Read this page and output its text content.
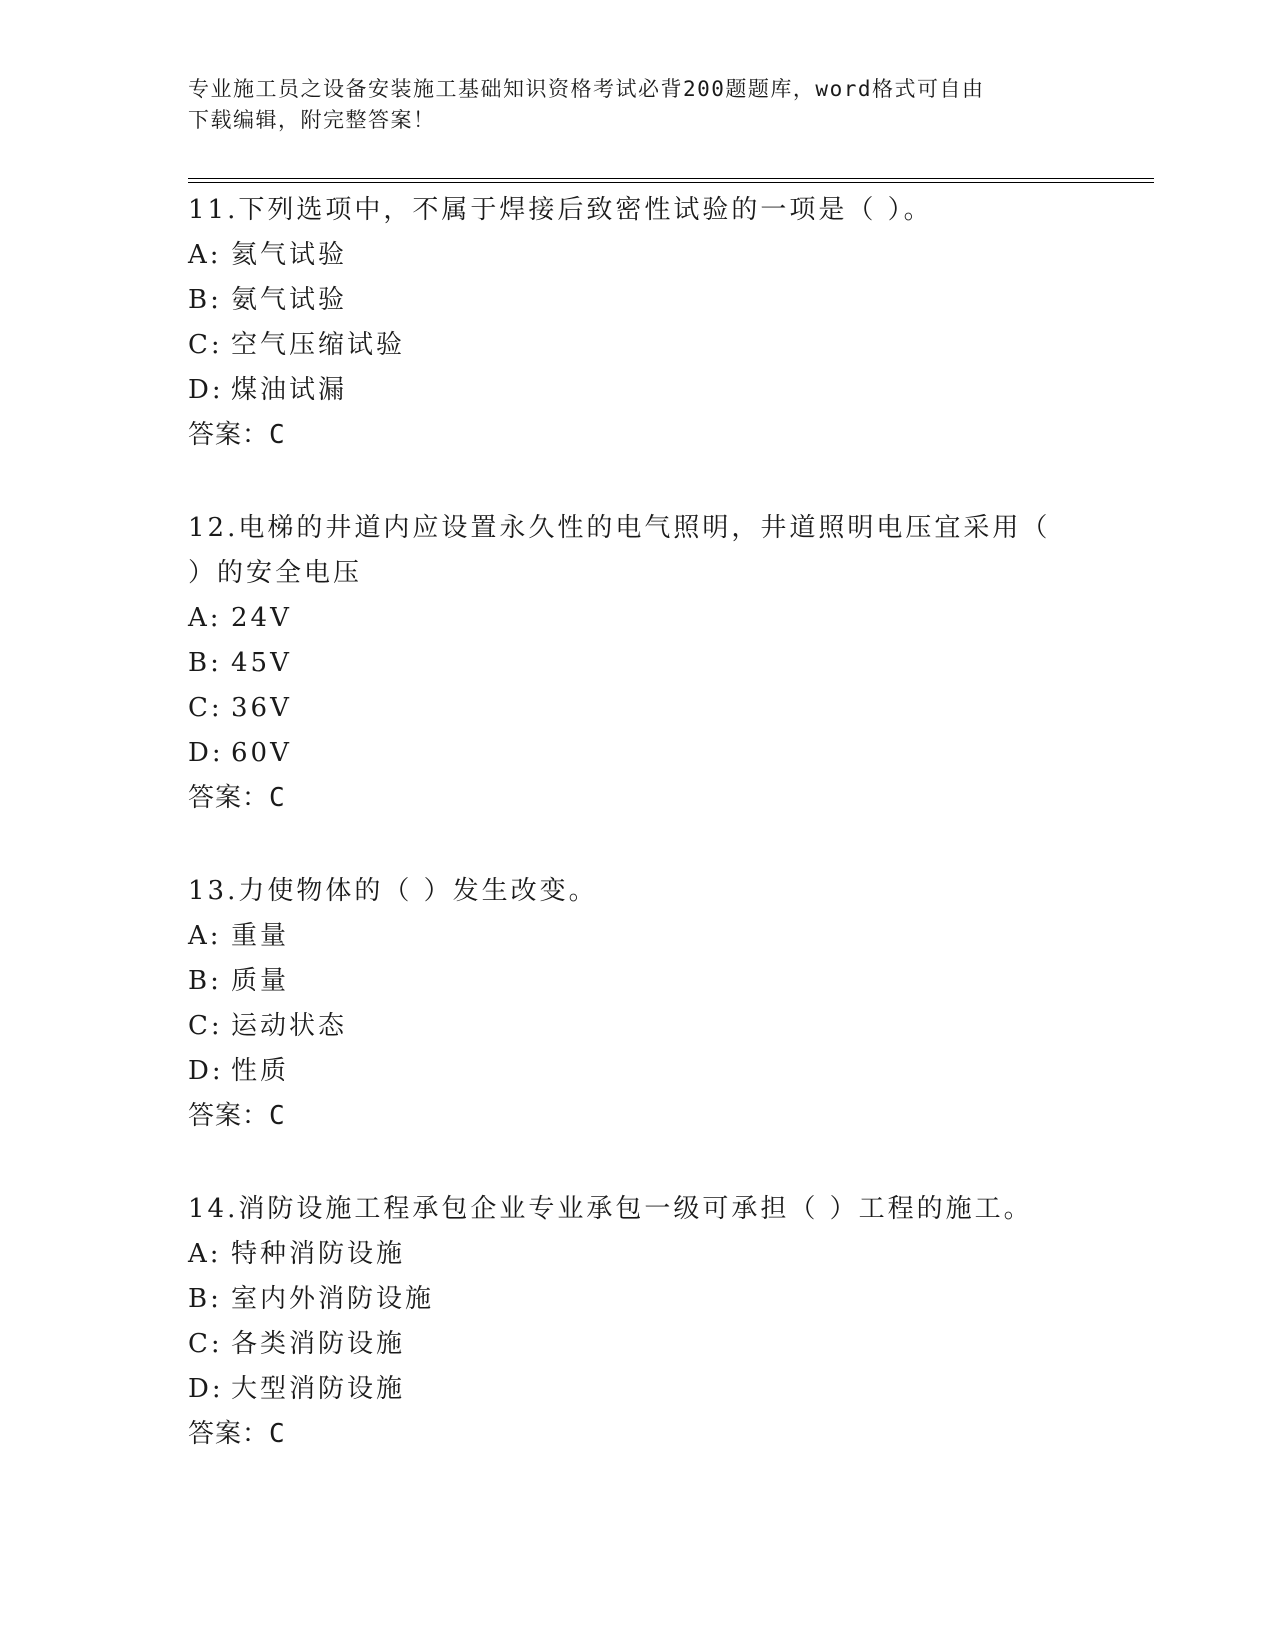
专业施工员之设备安装施工基础知识资格考试必背200题题库，word格式可自由
下载编辑，附完整答案！
11.下列选项中，不属于焊接后致密性试验的一项是（ ）。
A: 氦气试验
B: 氨气试验
C: 空气压缩试验
D: 煤油试漏
答案：C
12.电梯的井道内应设置永久性的电气照明，井道照明电压宜采用（
）的安全电压
A: 24V
B: 45V
C: 36V
D: 60V
答案：C
13.力使物体的（ ）发生改变。
A: 重量
B: 质量
C: 运动状态
D: 性质
答案：C
14.消防设施工程承包企业专业承包一级可承担（ ）工程的施工。
A: 特种消防设施
B: 室内外消防设施
C: 各类消防设施
D: 大型消防设施
答案：C
